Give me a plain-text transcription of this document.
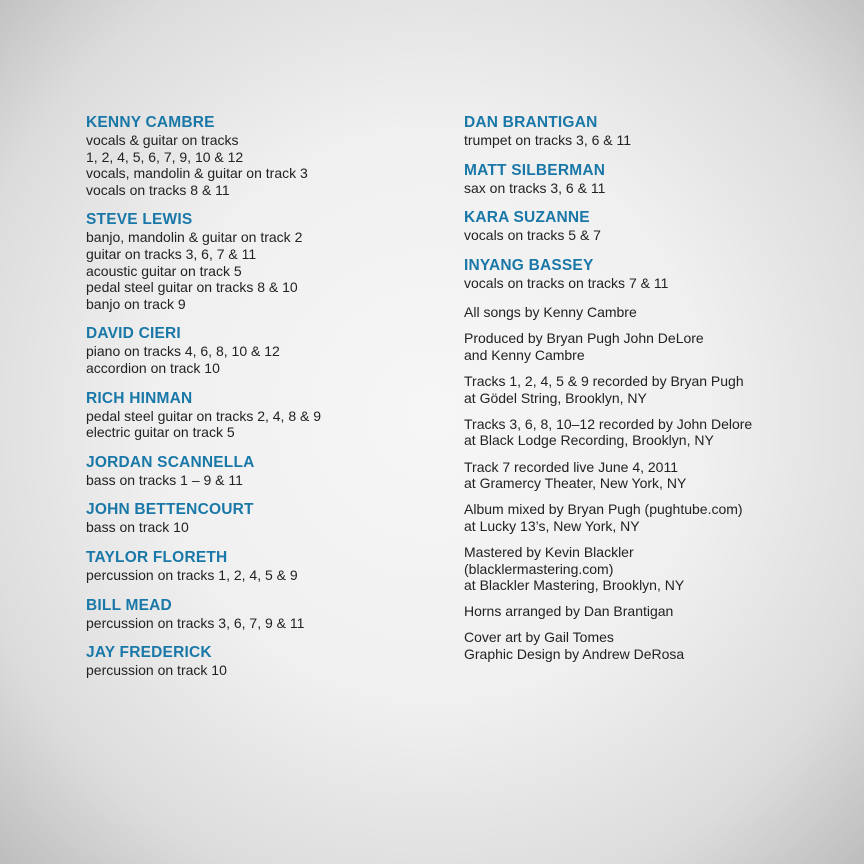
KENNY CAMBRE
vocals & guitar on tracks
1, 2, 4, 5, 6, 7, 9, 10 & 12
vocals, mandolin & guitar on track 3
vocals on tracks 8 & 11
STEVE LEWIS
banjo, mandolin & guitar on track 2
guitar on tracks 3, 6, 7 & 11
acoustic guitar on track 5
pedal steel guitar on tracks 8 & 10
banjo on track 9
DAVID CIERI
piano on tracks 4, 6, 8, 10 & 12
accordion on track 10
RICH HINMAN
pedal steel guitar on tracks 2, 4, 8 & 9
electric guitar on track 5
JORDAN SCANNELLA
bass on tracks 1 – 9 & 11
JOHN BETTENCOURT
bass on track 10
TAYLOR FLORETH
percussion on tracks 1, 2, 4, 5 & 9
BILL MEAD
percussion on tracks 3, 6, 7, 9 & 11
JAY FREDERICK
percussion on track 10
DAN BRANTIGAN
trumpet on tracks 3, 6 & 11
MATT SILBERMAN
sax on tracks 3, 6 & 11
KARA SUZANNE
vocals on tracks 5 & 7
INYANG BASSEY
vocals on tracks on tracks 7 & 11
All songs by Kenny Cambre
Produced by Bryan Pugh John DeLore
and Kenny Cambre
Tracks 1, 2, 4, 5 & 9 recorded by Bryan Pugh
at Gödel String, Brooklyn, NY
Tracks 3, 6, 8, 10–12 recorded by John Delore
at Black Lodge Recording, Brooklyn, NY
Track 7 recorded live June 4, 2011
at Gramercy Theater, New York, NY
Album mixed by Bryan Pugh (pughtube.com)
at Lucky 13’s, New York, NY
Mastered by Kevin Blackler
(blacklermastering.com)
at Blackler Mastering, Brooklyn, NY
Horns arranged by Dan Brantigan
Cover art by Gail Tomes
Graphic Design by Andrew DeRosa
